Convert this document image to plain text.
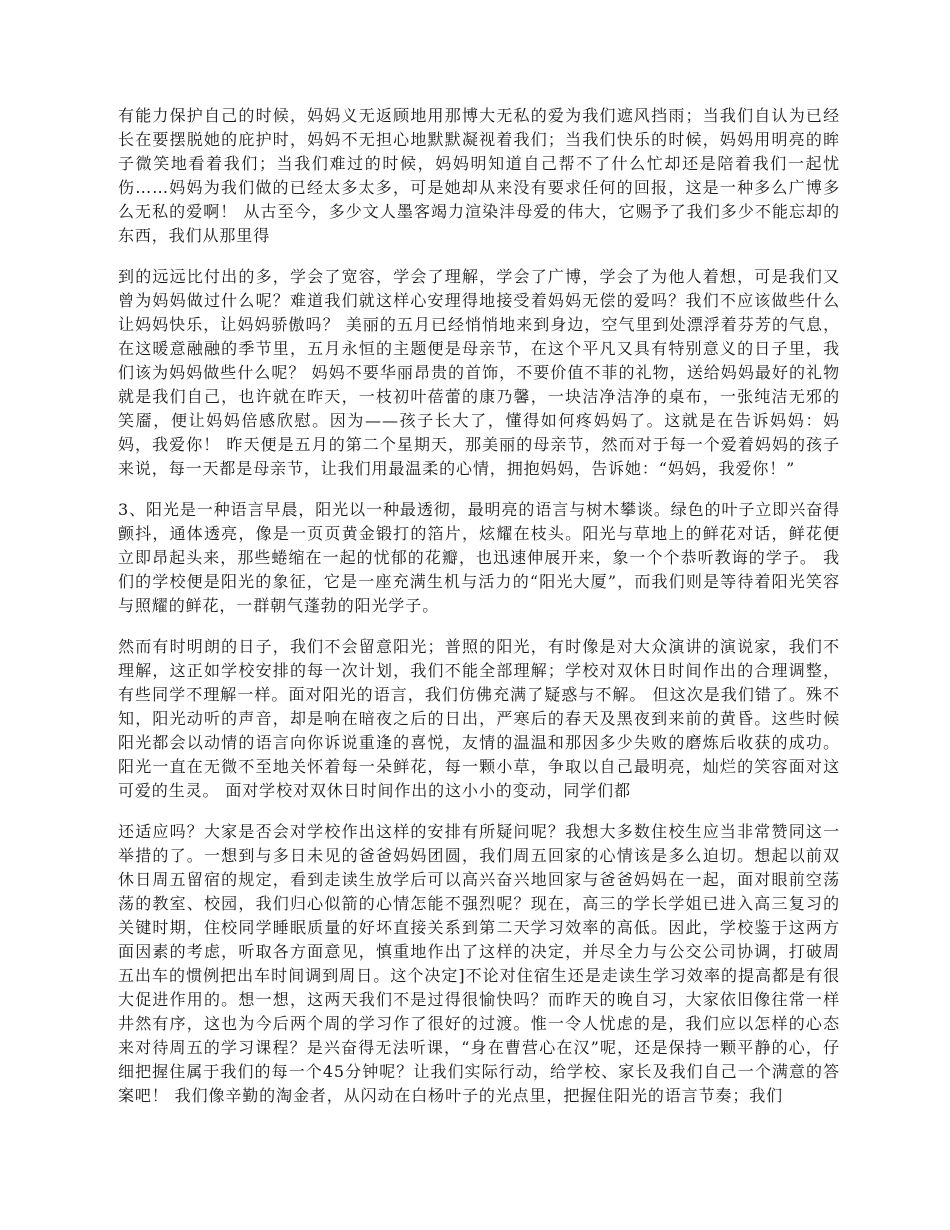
有能力保护自己的时候，妈妈义无返顾地用那博大无私的爱为我们遮风挡雨；当我们自认为已经长在要摆脱她的庇护时，妈妈不无担心地默默凝视着我们；当我们快乐的时候，妈妈用明亮的眸子微笑地看着我们；当我们难过的时候，妈妈明知道自己帮不了什么忙却还是陪着我们一起忧伤……妈妈为我们做的已经太多太多，可是她却从来没有要求任何的回报，这是一种多么广博多么无私的爱啊！ 从古至今，多少文人墨客竭力渲染沣母爱的伟大，它赐予了我们多少不能忘却的东西，我们从那里得

到的远远比付出的多，学会了宽容，学会了理解，学会了广博，学会了为他人着想，可是我们又曾为妈妈做过什么呢？难道我们就这样心安理得地接受着妈妈无偿的爱吗？我们不应该做些什么让妈妈快乐，让妈妈骄傲吗？ 美丽的五月已经悄悄地来到身边，空气里到处漂浮着芬芳的气息，在这暖意融融的季节里，五月永恒的主题便是母亲节，在这个平凡又具有特别意义的日子里，我们该为妈妈做些什么呢？ 妈妈不要华丽昂贵的首饰，不要价值不菲的礼物，送给妈妈最好的礼物就是我们自己，也许就在昨天，一枝初叶蓓蕾的康乃馨，一块洁净洁净的桌布，一张纯洁无邪的笑靥，便让妈妈倍感欣慰。因为——孩子长大了，懂得如何疼妈妈了。这就是在告诉妈妈：妈妈，我爱你！ 昨天便是五月的第二个星期天，那美丽的母亲节，然而对于每一个爱着妈妈的孩子来说，每一天都是母亲节，让我们用最温柔的心情，拥抱妈妈，告诉她：“妈妈，我爱你！”

3、阳光是一种语言早晨，阳光以一种最透彻，最明亮的语言与树木攀谈。绿色的叶子立即兴奋得颤抖，通体透亮，像是一页页黄金锻打的箔片，炫耀在枝头。阳光与草地上的鲜花对话，鲜花便立即昂起头来，那些蜷缩在一起的忧郁的花瓣，也迅速伸展开来，象一个个恭听教诲的学子。 我们的学校便是阳光的象征，它是一座充满生机与活力的“阳光大厦”，而我们则是等待着阳光笑容与照耀的鲜花，一群朝气蓬勃的阳光学子。

然而有时明朗的日子，我们不会留意阳光；普照的阳光，有时像是对大众演讲的演说家，我们不理解，这正如学校安排的每一次计划，我们不能全部理解；学校对双休日时间作出的合理调整，有些同学不理解一样。面对阳光的语言，我们仿佛充满了疑惑与不解。 但这次是我们错了。殊不知，阳光动听的声音，却是响在暗夜之后的日出，严寒后的春天及黑夜到来前的黄昏。这些时候阳光都会以动情的语言向你诉说重逢的喜悦，友情的温温和那因多少失败的磨炼后收获的成功。阳光一直在无微不至地关怀着每一朵鲜花，每一颗小草，争取以自己最明亮，灿烂的笑容面对这可爱的生灵。 面对学校对双休日时间作出的这小小的变动，同学们都

还适应吗？大家是否会对学校作出这样的安排有所疑问呢？我想大多数住校生应当非常赞同这一举措的了。一想到与多日未见的爸爸妈妈团圆，我们周五回家的心情该是多么迫切。想起以前双休日周五留宿的规定，看到走读生放学后可以高兴奋兴地回家与爸爸妈妈在一起，面对眼前空荡荡的教室、校园，我们归心似箭的心情怎能不强烈呢？现在，高三的学长学姐已进入高三复习的关键时期，住校同学睡眠质量的好坏直接关系到第二天学习效率的高低。因此，学校鉴于这两方面因素的考虑，听取各方面意见，慎重地作出了这样的决定，并尽全力与公交公司协调，打破周五出车的惯例把出车时间调到周日。这个决定]不论对住宿生还是走读生学习效率的提高都是有很大促进作用的。想一想，这两天我们不是过得很愉快吗？而昨天的晚自习，大家依旧像往常一样井然有序，这也为今后两个周的学习作了很好的过渡。惟一令人忧虑的是，我们应以怎样的心态来对待周五的学习课程？是兴奋得无法听课，“身在曹营心在汉”呢，还是保持一颗平静的心，仔细把握住属于我们的每一个45分钟呢？让我们实际行动，给学校、家长及我们自己一个满意的答案吧！ 我们像辛勤的淘金者，从闪动在白杨叶子的光点里，把握住阳光的语言节奏；我们
